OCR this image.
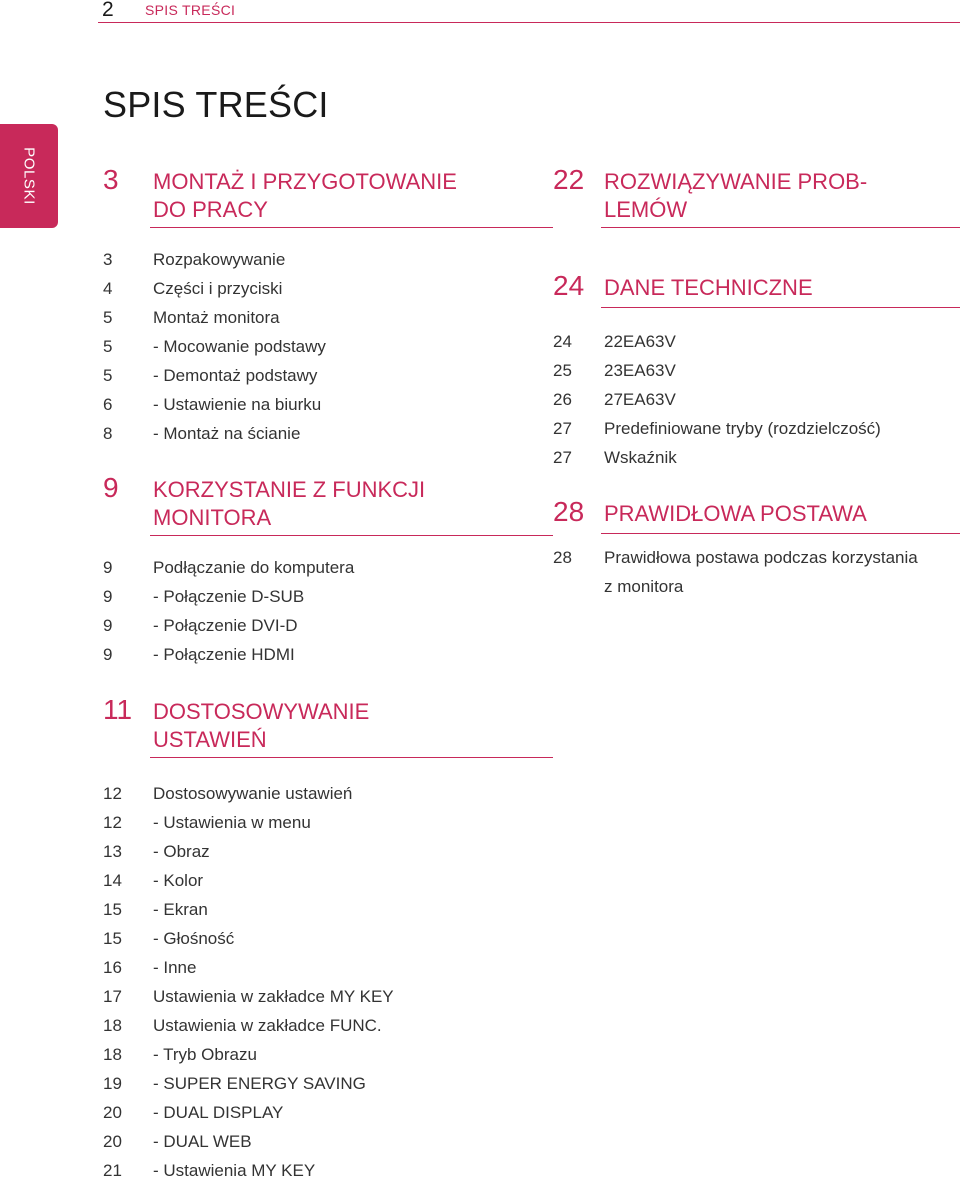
2 SPIS TREŚCI
SPIS TREŚCI
POLSKI 3 MONTAŻ I PRZYGOTOWANIE
DO PRACY
3 Rozpakowywanie
4 Części i przyciski
5 Montaż monitora
5 - Mocowanie podstawy
5 - Demontaż podstawy
6 - Ustawienie na biurku
8 - Montaż na ścianie
9 KORZYSTANIE Z FUNKCJI
MONITORA
9 Podłączanie do komputera
9 - Połączenie D-SUB
9 - Połączenie DVI-D
9 - Połączenie HDMI
11 DOSTOSOWYWANIE
USTAWIEŃ
12 Dostosowywanie ustawień
12 - Ustawienia w menu
13 - Obraz
14 - Kolor
15 - Ekran
15 - Głośność
16 - Inne
17 Ustawienia w zakładce MY KEY
18 Ustawienia w zakładce FUNC.
18 - Tryb Obrazu
19 - SUPER ENERGY SAVING
20 - DUAL DISPLAY
20 - DUAL WEB
21 - Ustawienia MY KEY
22 ROZWIĄZYWANIE PROB-
LEMÓW
24 DANE TECHNICZNE
24 22EA63V
25 23EA63V
26 27EA63V
27 Predefiniowane tryby (rozdzielczość)
27 Wskaźnik
28 PRAWIDŁOWA POSTAWA
28 Prawidłowa postawa podczas korzystania
z monitora
